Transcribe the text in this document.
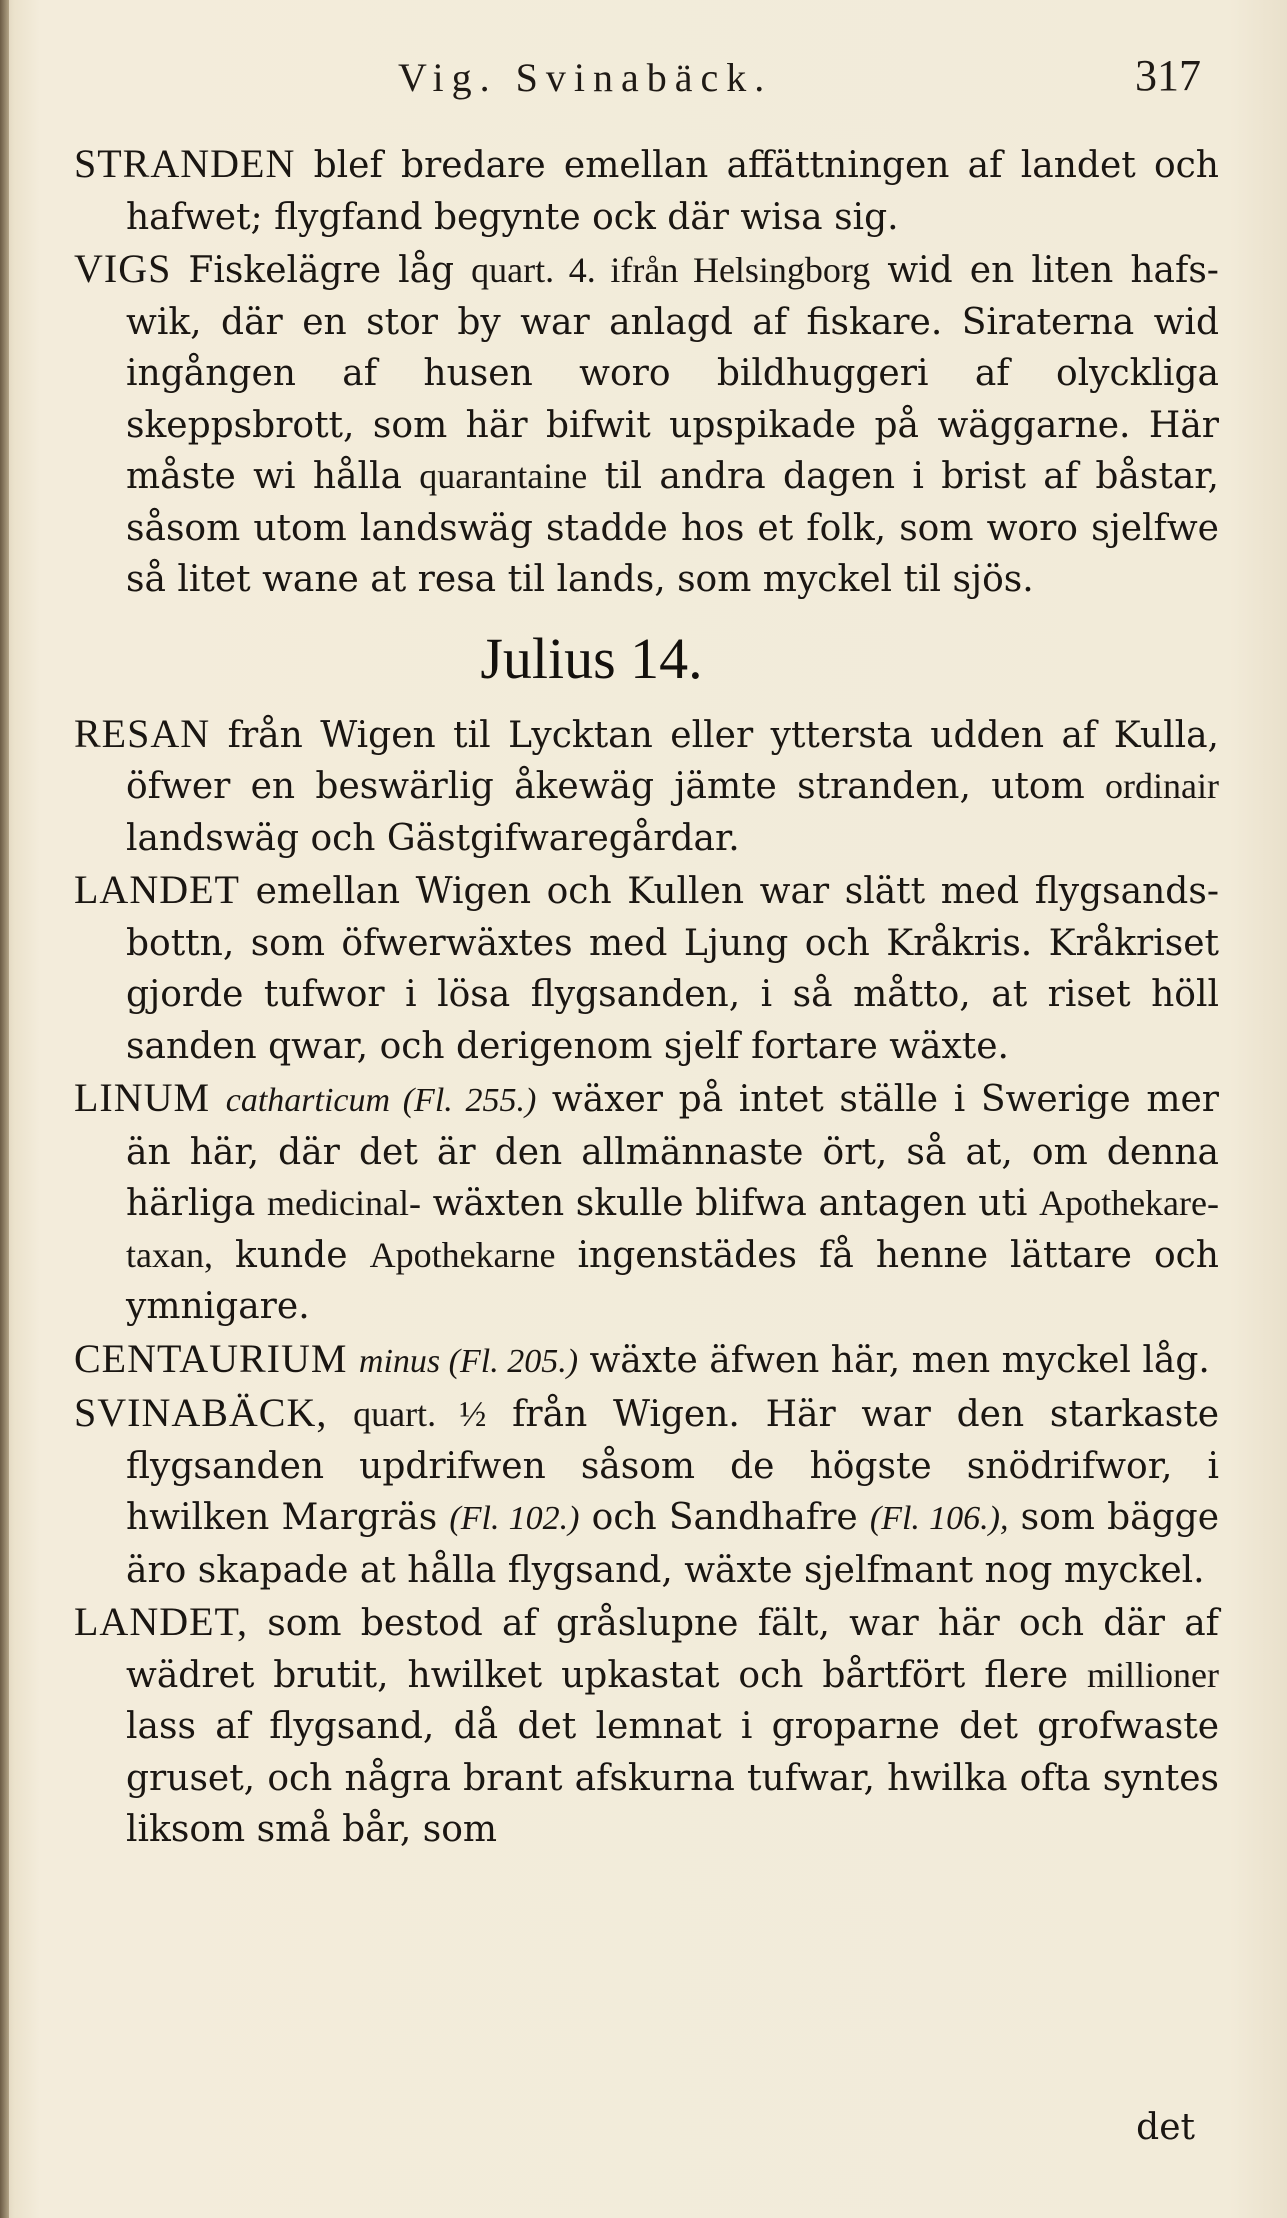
Vig. Svinabäck.	317

STRANDEN blef bredare emellan affättningen af landet och hafwet; flygfand begynte ock där wisa sig.

VIGS Fiskelägre låg quart. 4. ifrån Helsingborg wid en liten hafs-wik, där en stor by war anlagd af fiskare. Siraterna wid ingången af husen woro bildhuggeri af olyckliga skeppsbrott, som här bifwit upspikade på wäggarne. Här måste wi hålla quarantaine til andra dagen i brist af båstar, såsom utom landswäg stadde hos et folk, som woro sjelfwe så litet wane at resa til lands, som myckel til sjös.

Julius 14.

RESAN från Wigen til Lycktan eller yttersta udden af Kulla, öfwer en beswärlig åkewäg jämte stranden, utom ordinair landswäg och Gästgifwaregårdar.

LANDET emellan Wigen och Kullen war slätt med flygsands-bottn, som öfwerwäxtes med Ljung och Kråkris. Kråkriset gjorde tufwor i lösa flygsanden, i så måtto, at riset höll sanden qwar, och derigenom sjelf fortare wäxte.

LINUM catharticum (Fl. 255.) wäxer på intet ställe i Swerige mer än här, där det är den allmännaste ört, så at, om denna härliga medicinal- wäxten skulle blifwa antagen uti Apothekare-taxan, kunde Apothekarne ingenstädes få henne lättare och ymnigare.

CENTAURIUM minus (Fl. 205.) wäxte äfwen här, men myckel låg.

SVINABÄCK, quart. ½ från Wigen. Här war den starkaste flygsanden updrifwen såsom de högste snödrifwor, i hwilken Margräs (Fl. 102.) och Sandhafre (Fl. 106.), som bägge äro skapade at hålla flygsand, wäxte sjelfmant nog myckel.

LANDET, som bestod af gråslupne fält, war här och där af wädret brutit, hwilket upkastat och bårtfört flere millioner lass af flygsand, då det lemnat i groparne det grofwaste gruset, och några brant afskurna tufwar, hwilka ofta syntes liksom små bår, som

det
